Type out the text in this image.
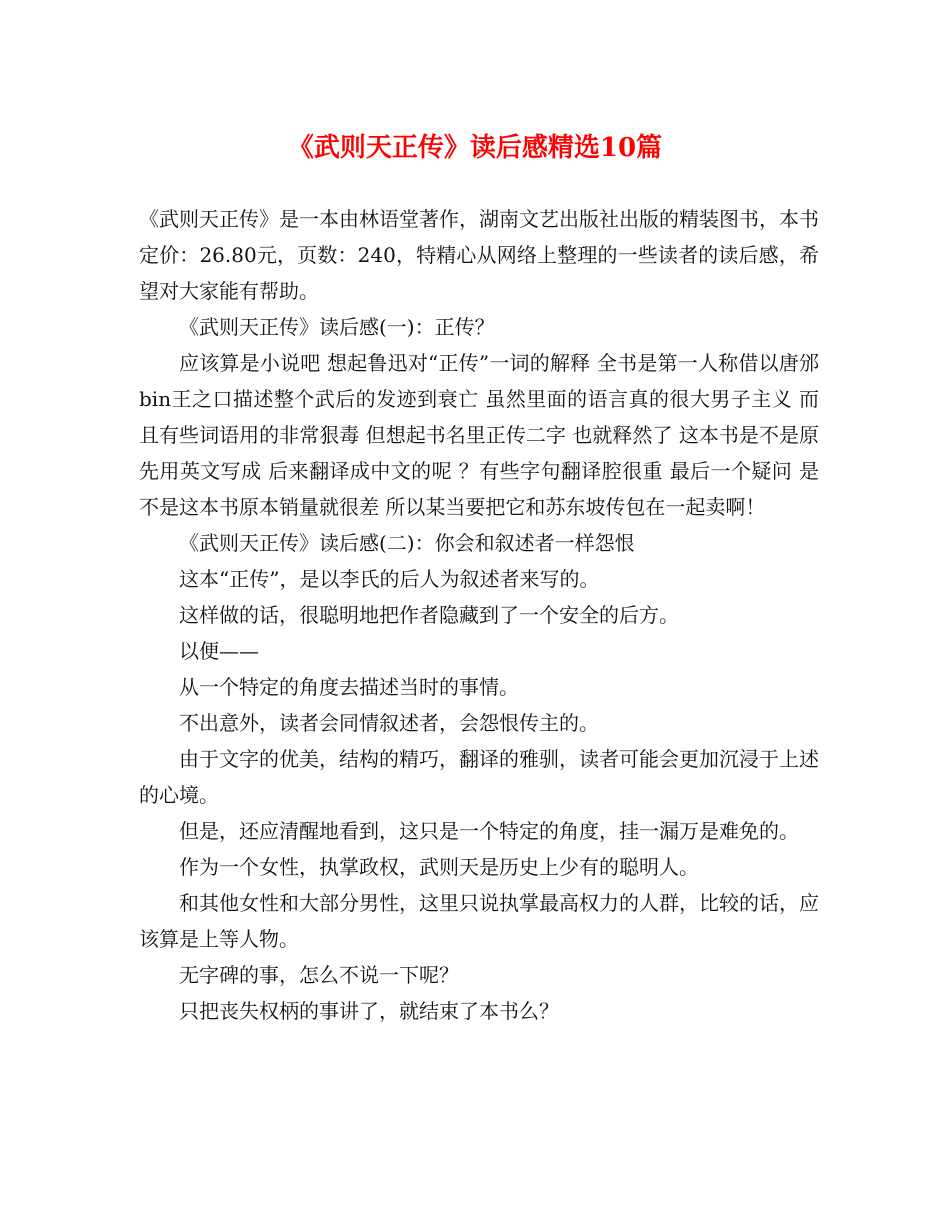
《武则天正传》读后感精选10篇

《武则天正传》是一本由林语堂著作，湖南文艺出版社出版的精装图书，本书定价：26.80元，页数：240，特精心从网络上整理的一些读者的读后感，希望对大家能有帮助。

《武则天正传》读后感(一)：正传？

应该算是小说吧 想起鲁迅对“正传”一词的解释 全书是第一人称借以唐邠bin王之口描述整个武后的发迹到衰亡 虽然里面的语言真的很大男子主义 而且有些词语用的非常狠毒 但想起书名里正传二字 也就释然了 这本书是不是原先用英文写成 后来翻译成中文的呢 ？有些字句翻译腔很重 最后一个疑问 是不是这本书原本销量就很差 所以某当要把它和苏东坡传包在一起卖啊！

《武则天正传》读后感(二)：你会和叙述者一样怨恨

这本“正传”，是以李氏的后人为叙述者来写的。

这样做的话，很聪明地把作者隐藏到了一个安全的后方。

以便——

从一个特定的角度去描述当时的事情。

不出意外，读者会同情叙述者，会怨恨传主的。

由于文字的优美，结构的精巧，翻译的雅驯，读者可能会更加沉浸于上述的心境。

但是，还应清醒地看到，这只是一个特定的角度，挂一漏万是难免的。

作为一个女性，执掌政权，武则天是历史上少有的聪明人。

和其他女性和大部分男性，这里只说执掌最高权力的人群，比较的话，应该算是上等人物。

无字碑的事，怎么不说一下呢？

只把丧失权柄的事讲了，就结束了本书么？
